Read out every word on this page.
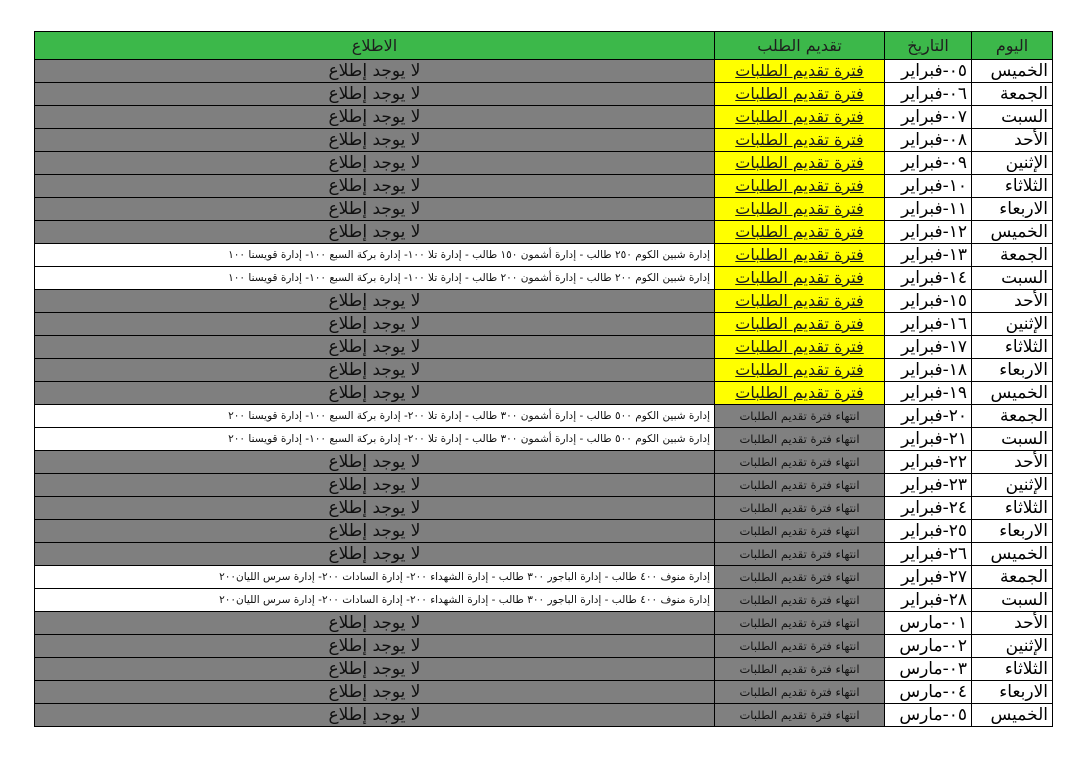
اليوم	التاريخ	تقديم الطلب	الاطلاع
الخميس	٠٥-فبراير	فترة تقديم الطلبات	لا يوجد إطلاع
الجمعة	٠٦-فبراير	فترة تقديم الطلبات	لا يوجد إطلاع
السبت	٠٧-فبراير	فترة تقديم الطلبات	لا يوجد إطلاع
الأحد	٠٨-فبراير	فترة تقديم الطلبات	لا يوجد إطلاع
الإثنين	٠٩-فبراير	فترة تقديم الطلبات	لا يوجد إطلاع
الثلاثاء	١٠-فبراير	فترة تقديم الطلبات	لا يوجد إطلاع
الاربعاء	١١-فبراير	فترة تقديم الطلبات	لا يوجد إطلاع
الخميس	١٢-فبراير	فترة تقديم الطلبات	لا يوجد إطلاع
الجمعة	١٣-فبراير	فترة تقديم الطلبات	إدارة شبين الكوم ٢٥٠ طالب - إدارة أشمون ١٥٠ طالب - إدارة تلا ١٠٠- إدارة بركة السبع ١٠٠- إدارة قويسنا ١٠٠
السبت	١٤-فبراير	فترة تقديم الطلبات	إدارة شبين الكوم ٢٠٠ طالب - إدارة أشمون ٢٠٠ طالب - إدارة تلا ١٠٠- إدارة بركة السبع ١٠٠- إدارة قويسنا ١٠٠
الأحد	١٥-فبراير	فترة تقديم الطلبات	لا يوجد إطلاع
الإثنين	١٦-فبراير	فترة تقديم الطلبات	لا يوجد إطلاع
الثلاثاء	١٧-فبراير	فترة تقديم الطلبات	لا يوجد إطلاع
الاربعاء	١٨-فبراير	فترة تقديم الطلبات	لا يوجد إطلاع
الخميس	١٩-فبراير	فترة تقديم الطلبات	لا يوجد إطلاع
الجمعة	٢٠-فبراير	انتهاء فترة تقديم الطلبات	إدارة شبين الكوم ٥٠٠ طالب - إدارة أشمون ٣٠٠ طالب - إدارة تلا ٢٠٠- إدارة بركة السبع ١٠٠- إدارة قويسنا ٢٠٠
السبت	٢١-فبراير	انتهاء فترة تقديم الطلبات	إدارة شبين الكوم ٥٠٠ طالب - إدارة أشمون ٣٠٠ طالب - إدارة تلا ٢٠٠- إدارة بركة السبع ١٠٠- إدارة قويسنا ٢٠٠
الأحد	٢٢-فبراير	انتهاء فترة تقديم الطلبات	لا يوجد إطلاع
الإثنين	٢٣-فبراير	انتهاء فترة تقديم الطلبات	لا يوجد إطلاع
الثلاثاء	٢٤-فبراير	انتهاء فترة تقديم الطلبات	لا يوجد إطلاع
الاربعاء	٢٥-فبراير	انتهاء فترة تقديم الطلبات	لا يوجد إطلاع
الخميس	٢٦-فبراير	انتهاء فترة تقديم الطلبات	لا يوجد إطلاع
الجمعة	٢٧-فبراير	انتهاء فترة تقديم الطلبات	إدارة منوف ٤٠٠ طالب - إدارة الباجور ٣٠٠ طالب - إدارة الشهداء ٢٠٠- إدارة السادات ٢٠٠- إدارة سرس الليان٢٠٠
السبت	٢٨-فبراير	انتهاء فترة تقديم الطلبات	إدارة منوف ٤٠٠ طالب - إدارة الباجور ٣٠٠ طالب - إدارة الشهداء ٢٠٠- إدارة السادات ٢٠٠- إدارة سرس الليان٢٠٠
الأحد	٠١-مارس	انتهاء فترة تقديم الطلبات	لا يوجد إطلاع
الإثنين	٠٢-مارس	انتهاء فترة تقديم الطلبات	لا يوجد إطلاع
الثلاثاء	٠٣-مارس	انتهاء فترة تقديم الطلبات	لا يوجد إطلاع
الاربعاء	٠٤-مارس	انتهاء فترة تقديم الطلبات	لا يوجد إطلاع
الخميس	٠٥-مارس	انتهاء فترة تقديم الطلبات	لا يوجد إطلاع
